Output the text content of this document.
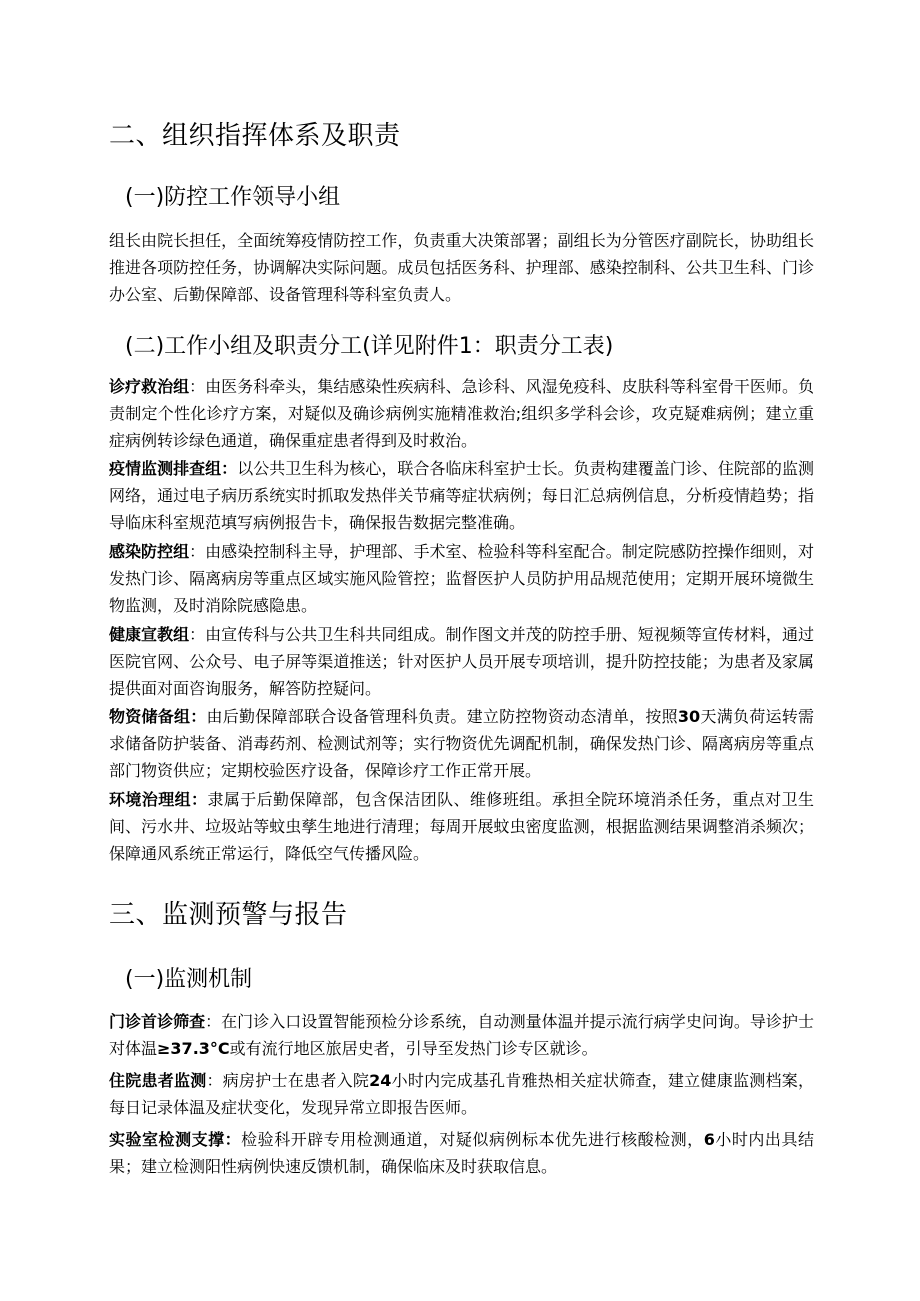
二、组织指挥体系及职责
(一)防控工作领导小组
组长由院长担任，全面统筹疫情防控工作，负责重大决策部署；副组长为分管医疗副院长，协助组长推进各项防控任务，协调解决实际问题。成员包括医务科、护理部、感染控制科、公共卫生科、门诊办公室、后勤保障部、设备管理科等科室负责人。
(二)工作小组及职责分工(详见附件1：职责分工表)
诊疗救治组：由医务科牵头，集结感染性疾病科、急诊科、风湿免疫科、皮肤科等科室骨干医师。负责制定个性化诊疗方案，对疑似及确诊病例实施精准救治;组织多学科会诊，攻克疑难病例；建立重症病例转诊绿色通道，确保重症患者得到及时救治。
疫情监测排查组：以公共卫生科为核心，联合各临床科室护士长。负责构建覆盖门诊、住院部的监测网络，通过电子病历系统实时抓取发热伴关节痛等症状病例；每日汇总病例信息，分析疫情趋势；指导临床科室规范填写病例报告卡，确保报告数据完整准确。
感染防控组：由感染控制科主导，护理部、手术室、检验科等科室配合。制定院感防控操作细则，对发热门诊、隔离病房等重点区域实施风险管控；监督医护人员防护用品规范使用；定期开展环境微生物监测，及时消除院感隐患。
健康宣教组：由宣传科与公共卫生科共同组成。制作图文并茂的防控手册、短视频等宣传材料，通过医院官网、公众号、电子屏等渠道推送；针对医护人员开展专项培训，提升防控技能；为患者及家属提供面对面咨询服务，解答防控疑问。
物资储备组：由后勤保障部联合设备管理科负责。建立防控物资动态清单，按照30天满负荷运转需求储备防护装备、消毒药剂、检测试剂等；实行物资优先调配机制，确保发热门诊、隔离病房等重点部门物资供应；定期校验医疗设备，保障诊疗工作正常开展。
环境治理组：隶属于后勤保障部，包含保洁团队、维修班组。承担全院环境消杀任务，重点对卫生间、污水井、垃圾站等蚊虫孳生地进行清理；每周开展蚊虫密度监测，根据监测结果调整消杀频次；保障通风系统正常运行，降低空气传播风险。
三、监测预警与报告
(一)监测机制
门诊首诊筛查：在门诊入口设置智能预检分诊系统，自动测量体温并提示流行病学史问询。导诊护士对体温≥37.3°C或有流行地区旅居史者，引导至发热门诊专区就诊。
住院患者监测：病房护士在患者入院24小时内完成基孔肯雅热相关症状筛查，建立健康监测档案，每日记录体温及症状变化，发现异常立即报告医师。
实验室检测支撑：检验科开辟专用检测通道，对疑似病例标本优先进行核酸检测，6小时内出具结果；建立检测阳性病例快速反馈机制，确保临床及时获取信息。
